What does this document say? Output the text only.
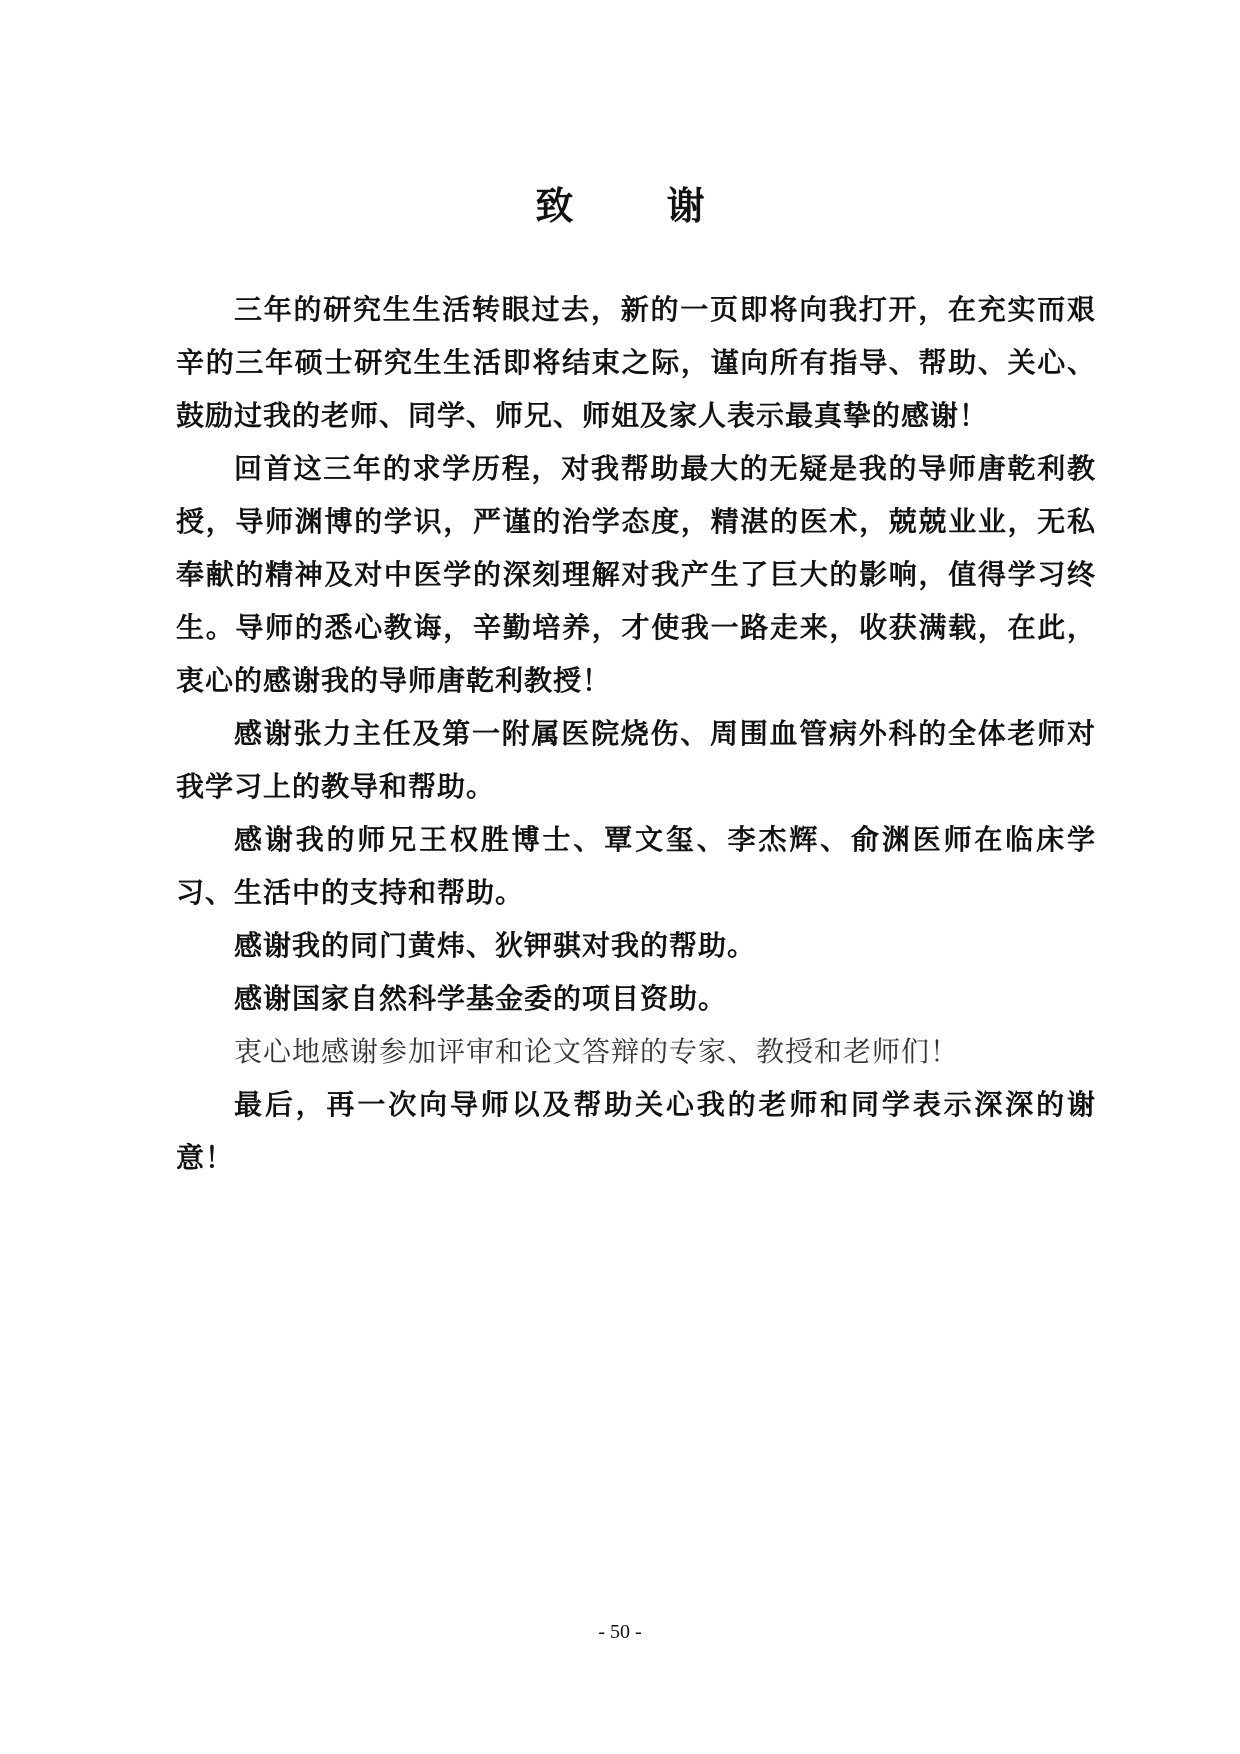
致 谢

三年的研究生生活转眼过去，新的一页即将向我打开，在充实而艰辛的三年硕士研究生生活即将结束之际，谨向所有指导、帮助、关心、鼓励过我的老师、同学、师兄、师姐及家人表示最真挚的感谢！

回首这三年的求学历程，对我帮助最大的无疑是我的导师唐乾利教授，导师渊博的学识，严谨的治学态度，精湛的医术，兢兢业业，无私奉献的精神及对中医学的深刻理解对我产生了巨大的影响，值得学习终生。导师的悉心教诲，辛勤培养，才使我一路走来，收获满载，在此，衷心的感谢我的导师唐乾利教授！

感谢张力主任及第一附属医院烧伤、周围血管病外科的全体老师对我学习上的教导和帮助。

感谢我的师兄王权胜博士、覃文玺、李杰辉、俞渊医师在临床学习、生活中的支持和帮助。

感谢我的同门黄炜、狄钾骐对我的帮助。

感谢国家自然科学基金委的项目资助。

衷心地感谢参加评审和论文答辩的专家、教授和老师们！

最后，再一次向导师以及帮助关心我的老师和同学表示深深的谢意！

- 50 -
